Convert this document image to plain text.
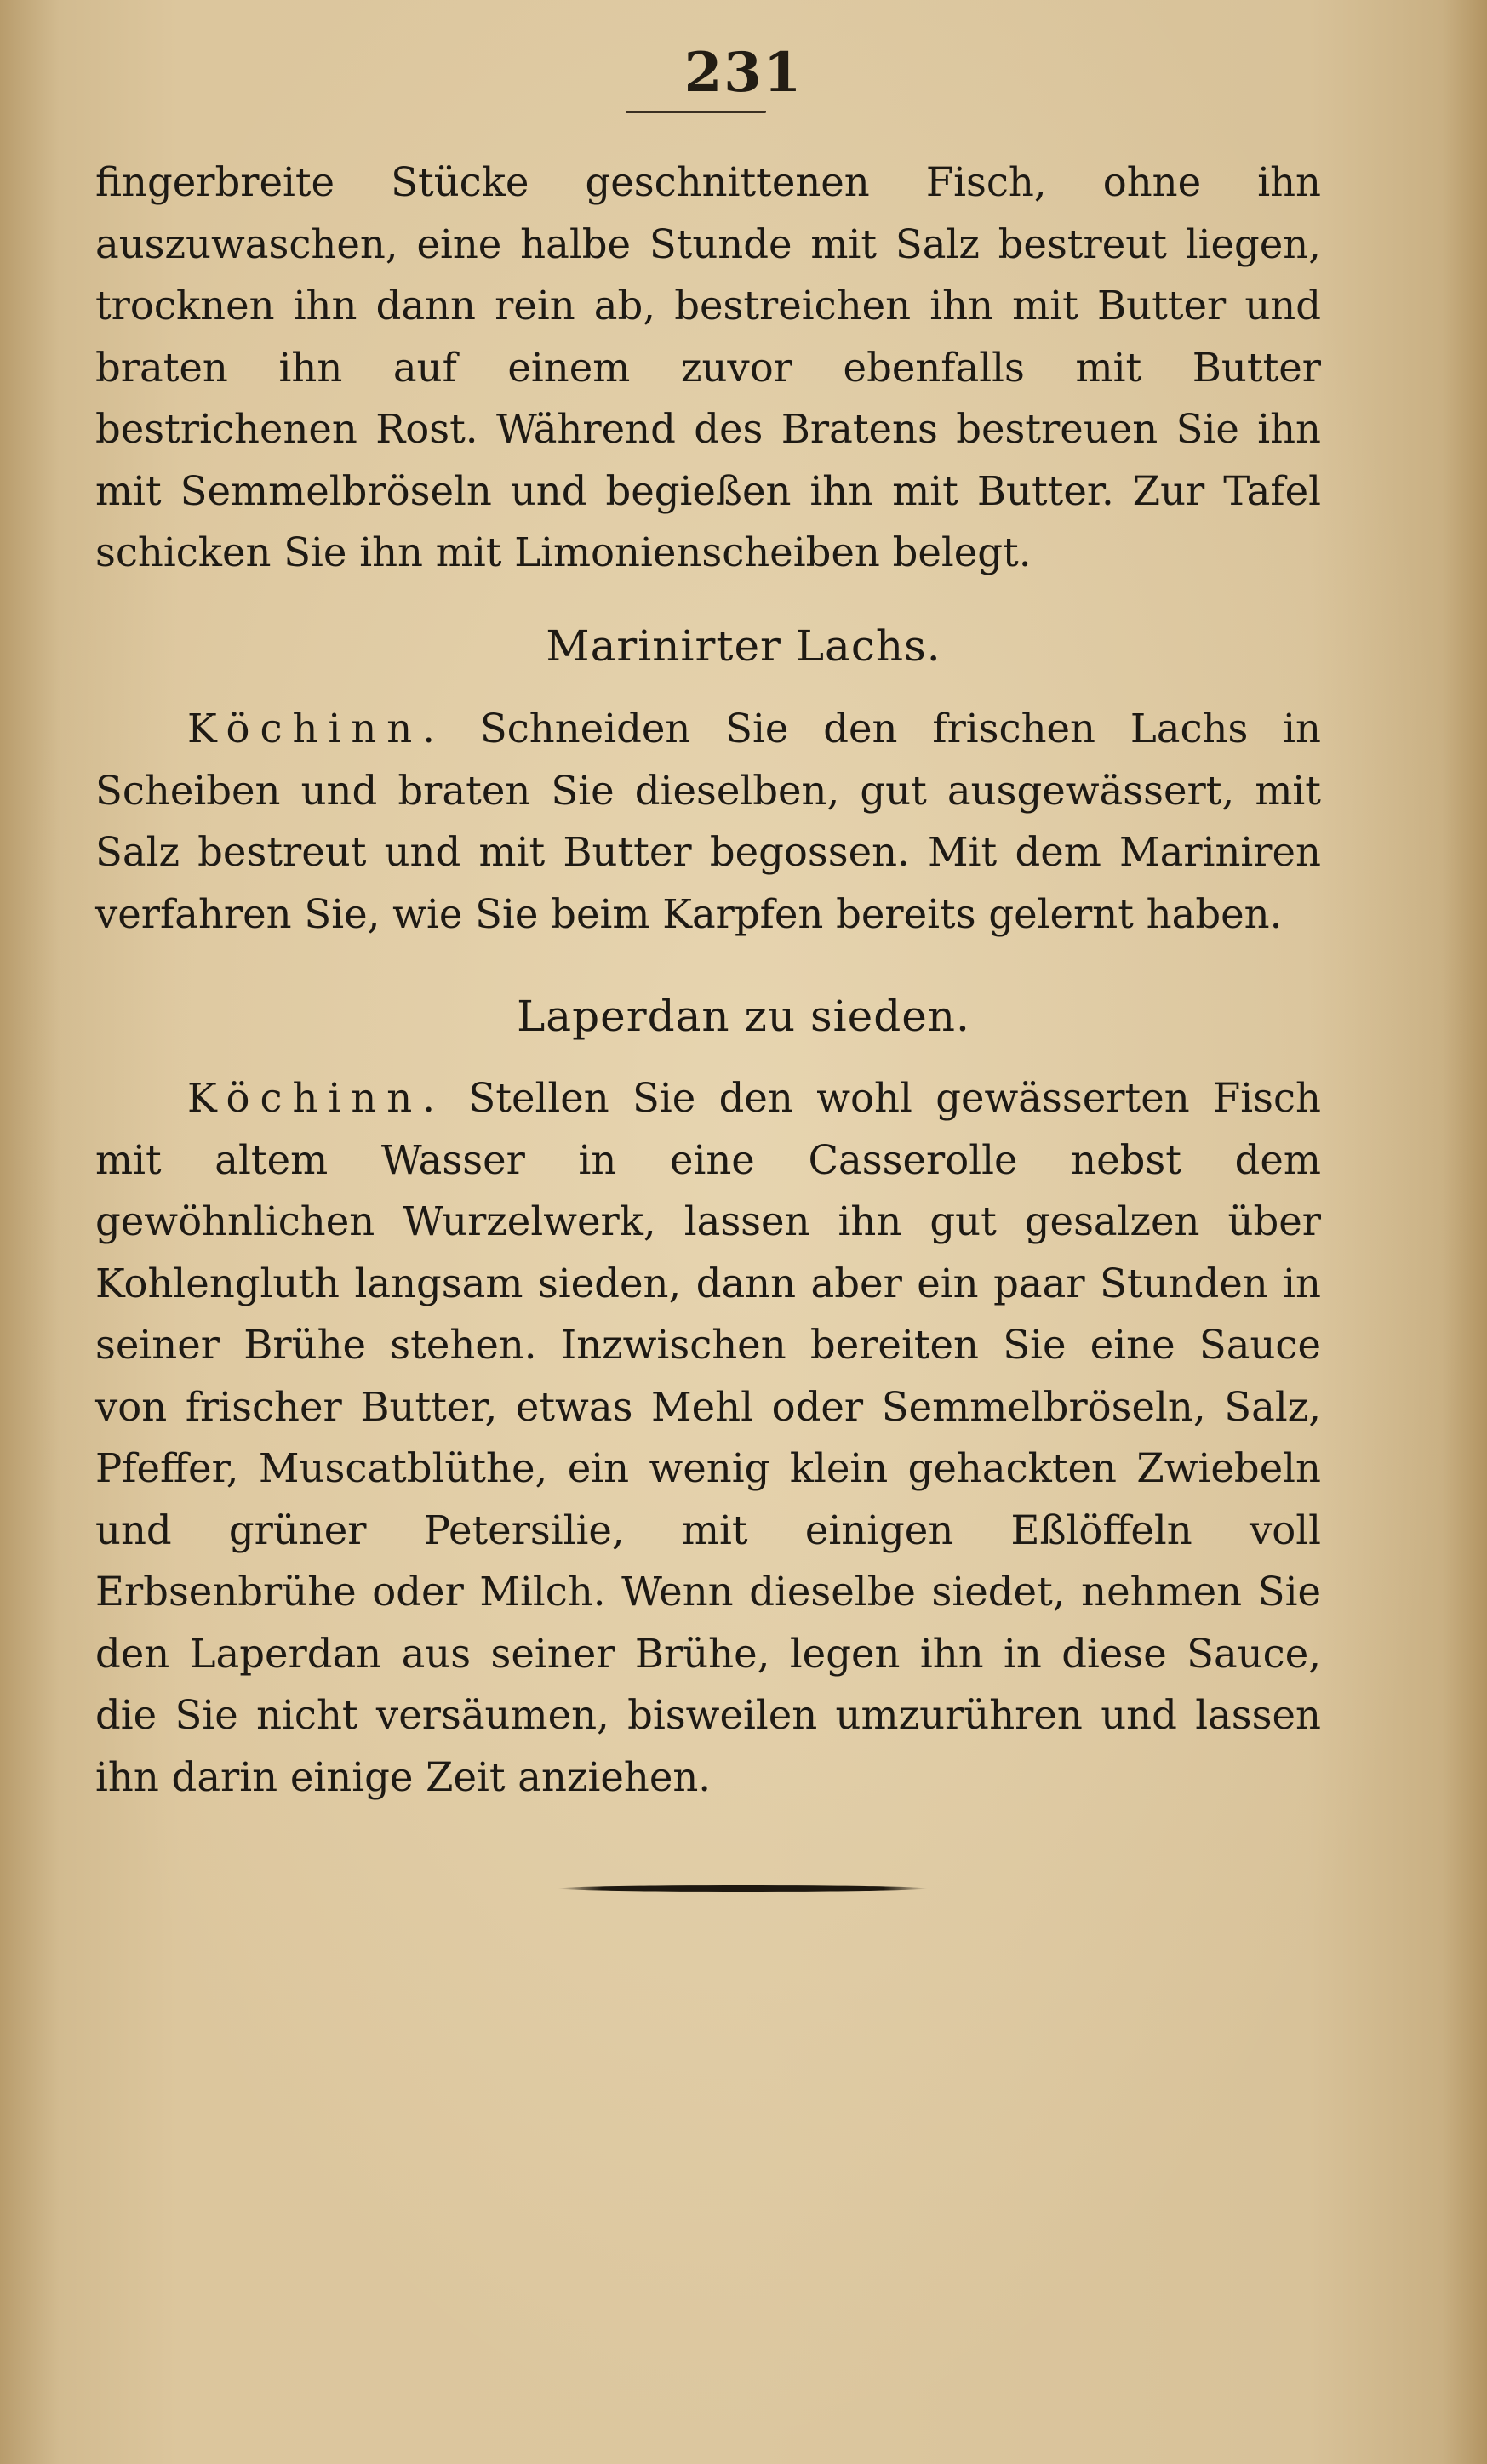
231

fingerbreite Stücke geschnittenen Fisch, ohne ihn auszuwaschen, eine halbe Stunde mit Salz bestreut liegen, trocknen ihn dann rein ab, bestreichen ihn mit Butter und braten ihn auf einem zuvor ebenfalls mit Butter bestrichenen Rost. Während des Bratens bestreuen Sie ihn mit Semmelbröseln und begießen ihn mit Butter. Zur Tafel schicken Sie ihn mit Limonienscheiben belegt.

Marinirter Lachs.

Köchinn. Schneiden Sie den frischen Lachs in Scheiben und braten Sie dieselben, gut ausgewässert, mit Salz bestreut und mit Butter begossen. Mit dem Mariniren verfahren Sie, wie Sie beim Karpfen bereits gelernt haben.

Laperdan zu sieden.

Köchinn. Stellen Sie den wohl gewässerten Fisch mit altem Wasser in eine Casserolle nebst dem gewöhnlichen Wurzelwerk, lassen ihn gut gesalzen über Kohlengluth langsam sieden, dann aber ein paar Stunden in seiner Brühe stehen. Inzwischen bereiten Sie eine Sauce von frischer Butter, etwas Mehl oder Semmelbröseln, Salz, Pfeffer, Muscatblüthe, ein wenig klein gehackten Zwiebeln und grüner Petersilie, mit einigen Eßlöffeln voll Erbsenbrühe oder Milch. Wenn dieselbe siedet, nehmen Sie den Laperdan aus seiner Brühe, legen ihn in diese Sauce, die Sie nicht versäumen, bisweilen umzurühren und lassen ihn darin einige Zeit anziehen.
